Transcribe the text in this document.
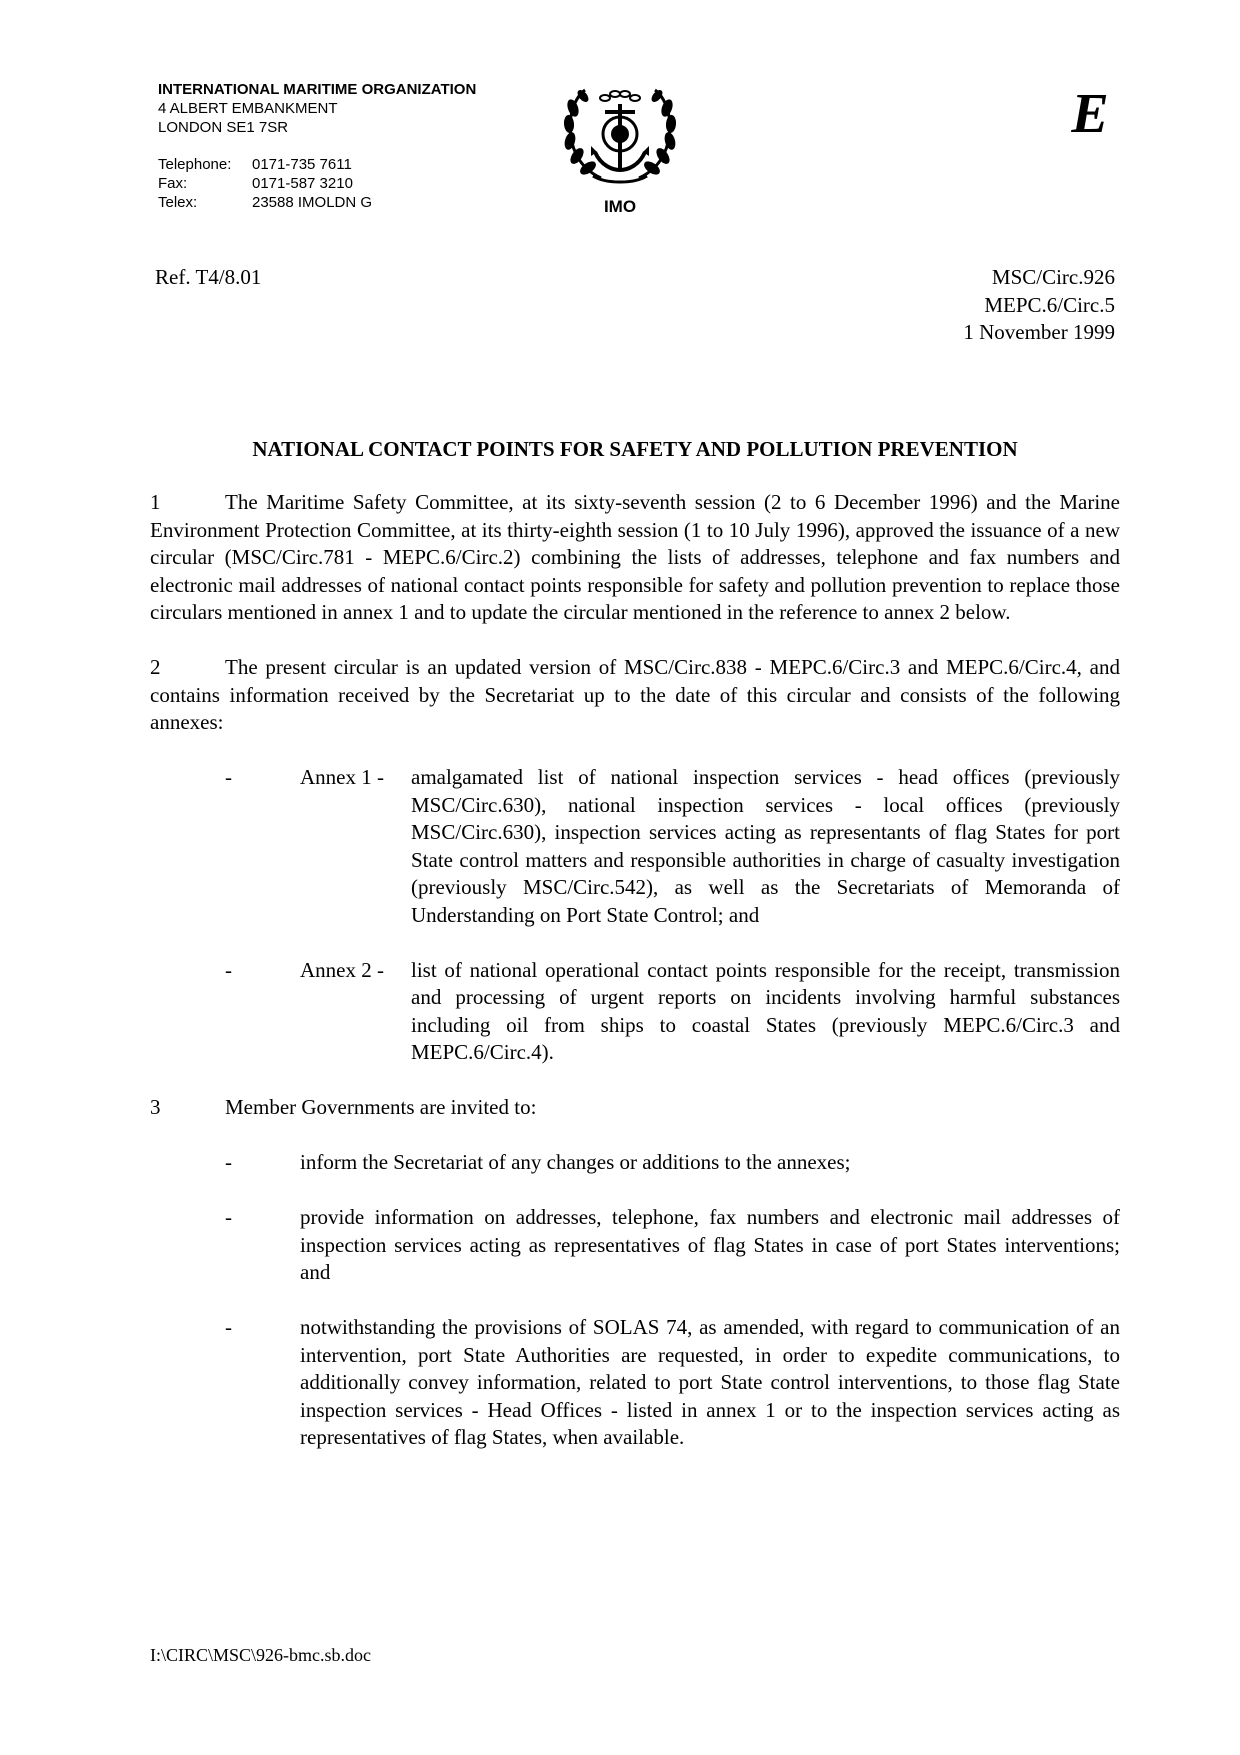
INTERNATIONAL MARITIME ORGANIZATION
4 ALBERT EMBANKMENT
LONDON SE1 7SR
Telephone:	0171-735 7611
Fax:	0171-587 3210
Telex:	23588 IMOLDN G	IMO
E
Ref. T4/8.01	MSC/Circ.926
MEPC.6/Circ.5
1 November 1999
NATIONAL CONTACT POINTS FOR SAFETY AND POLLUTION PREVENTION

1	The Maritime Safety Committee, at its sixty-seventh session (2 to 6 December 1996) and the Marine Environment Protection Committee, at its thirty-eighth session (1 to 10 July 1996), approved the issuance of a new circular (MSC/Circ.781 - MEPC.6/Circ.2) combining the lists of addresses, telephone and fax numbers and electronic mail addresses of national contact points responsible for safety and pollution prevention to replace those circulars mentioned in annex 1 and to update the circular mentioned in the reference to annex 2 below.

2	The present circular is an updated version of MSC/Circ.838 - MEPC.6/Circ.3 and MEPC.6/Circ.4, and contains information received by the Secretariat up to the date of this circular and consists of the following annexes:

-	Annex 1 -	amalgamated list of national inspection services - head offices (previously MSC/Circ.630), national inspection services - local offices (previously MSC/Circ.630), inspection services acting as representants of flag States for port State control matters and responsible authorities in charge of casualty investigation (previously MSC/Circ.542), as well as the Secretariats of Memoranda of Understanding on Port State Control; and
-	Annex 2 -	list of national operational contact points responsible for the receipt, transmission and processing of urgent reports on incidents involving harmful substances including oil from ships to coastal States (previously MEPC.6/Circ.3 and MEPC.6/Circ.4).
3	Member Governments are invited to:
-	inform the Secretariat of any changes or additions to the annexes;
-	provide information on addresses, telephone, fax numbers and electronic mail addresses of inspection services acting as representatives of flag States in case of port States interventions; and
-	notwithstanding the provisions of SOLAS 74, as amended, with regard to communication of an intervention, port State Authorities are requested, in order to expedite communications, to additionally convey information, related to port State control interventions, to those flag State inspection services - Head Offices - listed in annex 1 or to the inspection services acting as representatives of flag States, when available.
I:\CIRC\MSC\926-bmc.sb.doc
